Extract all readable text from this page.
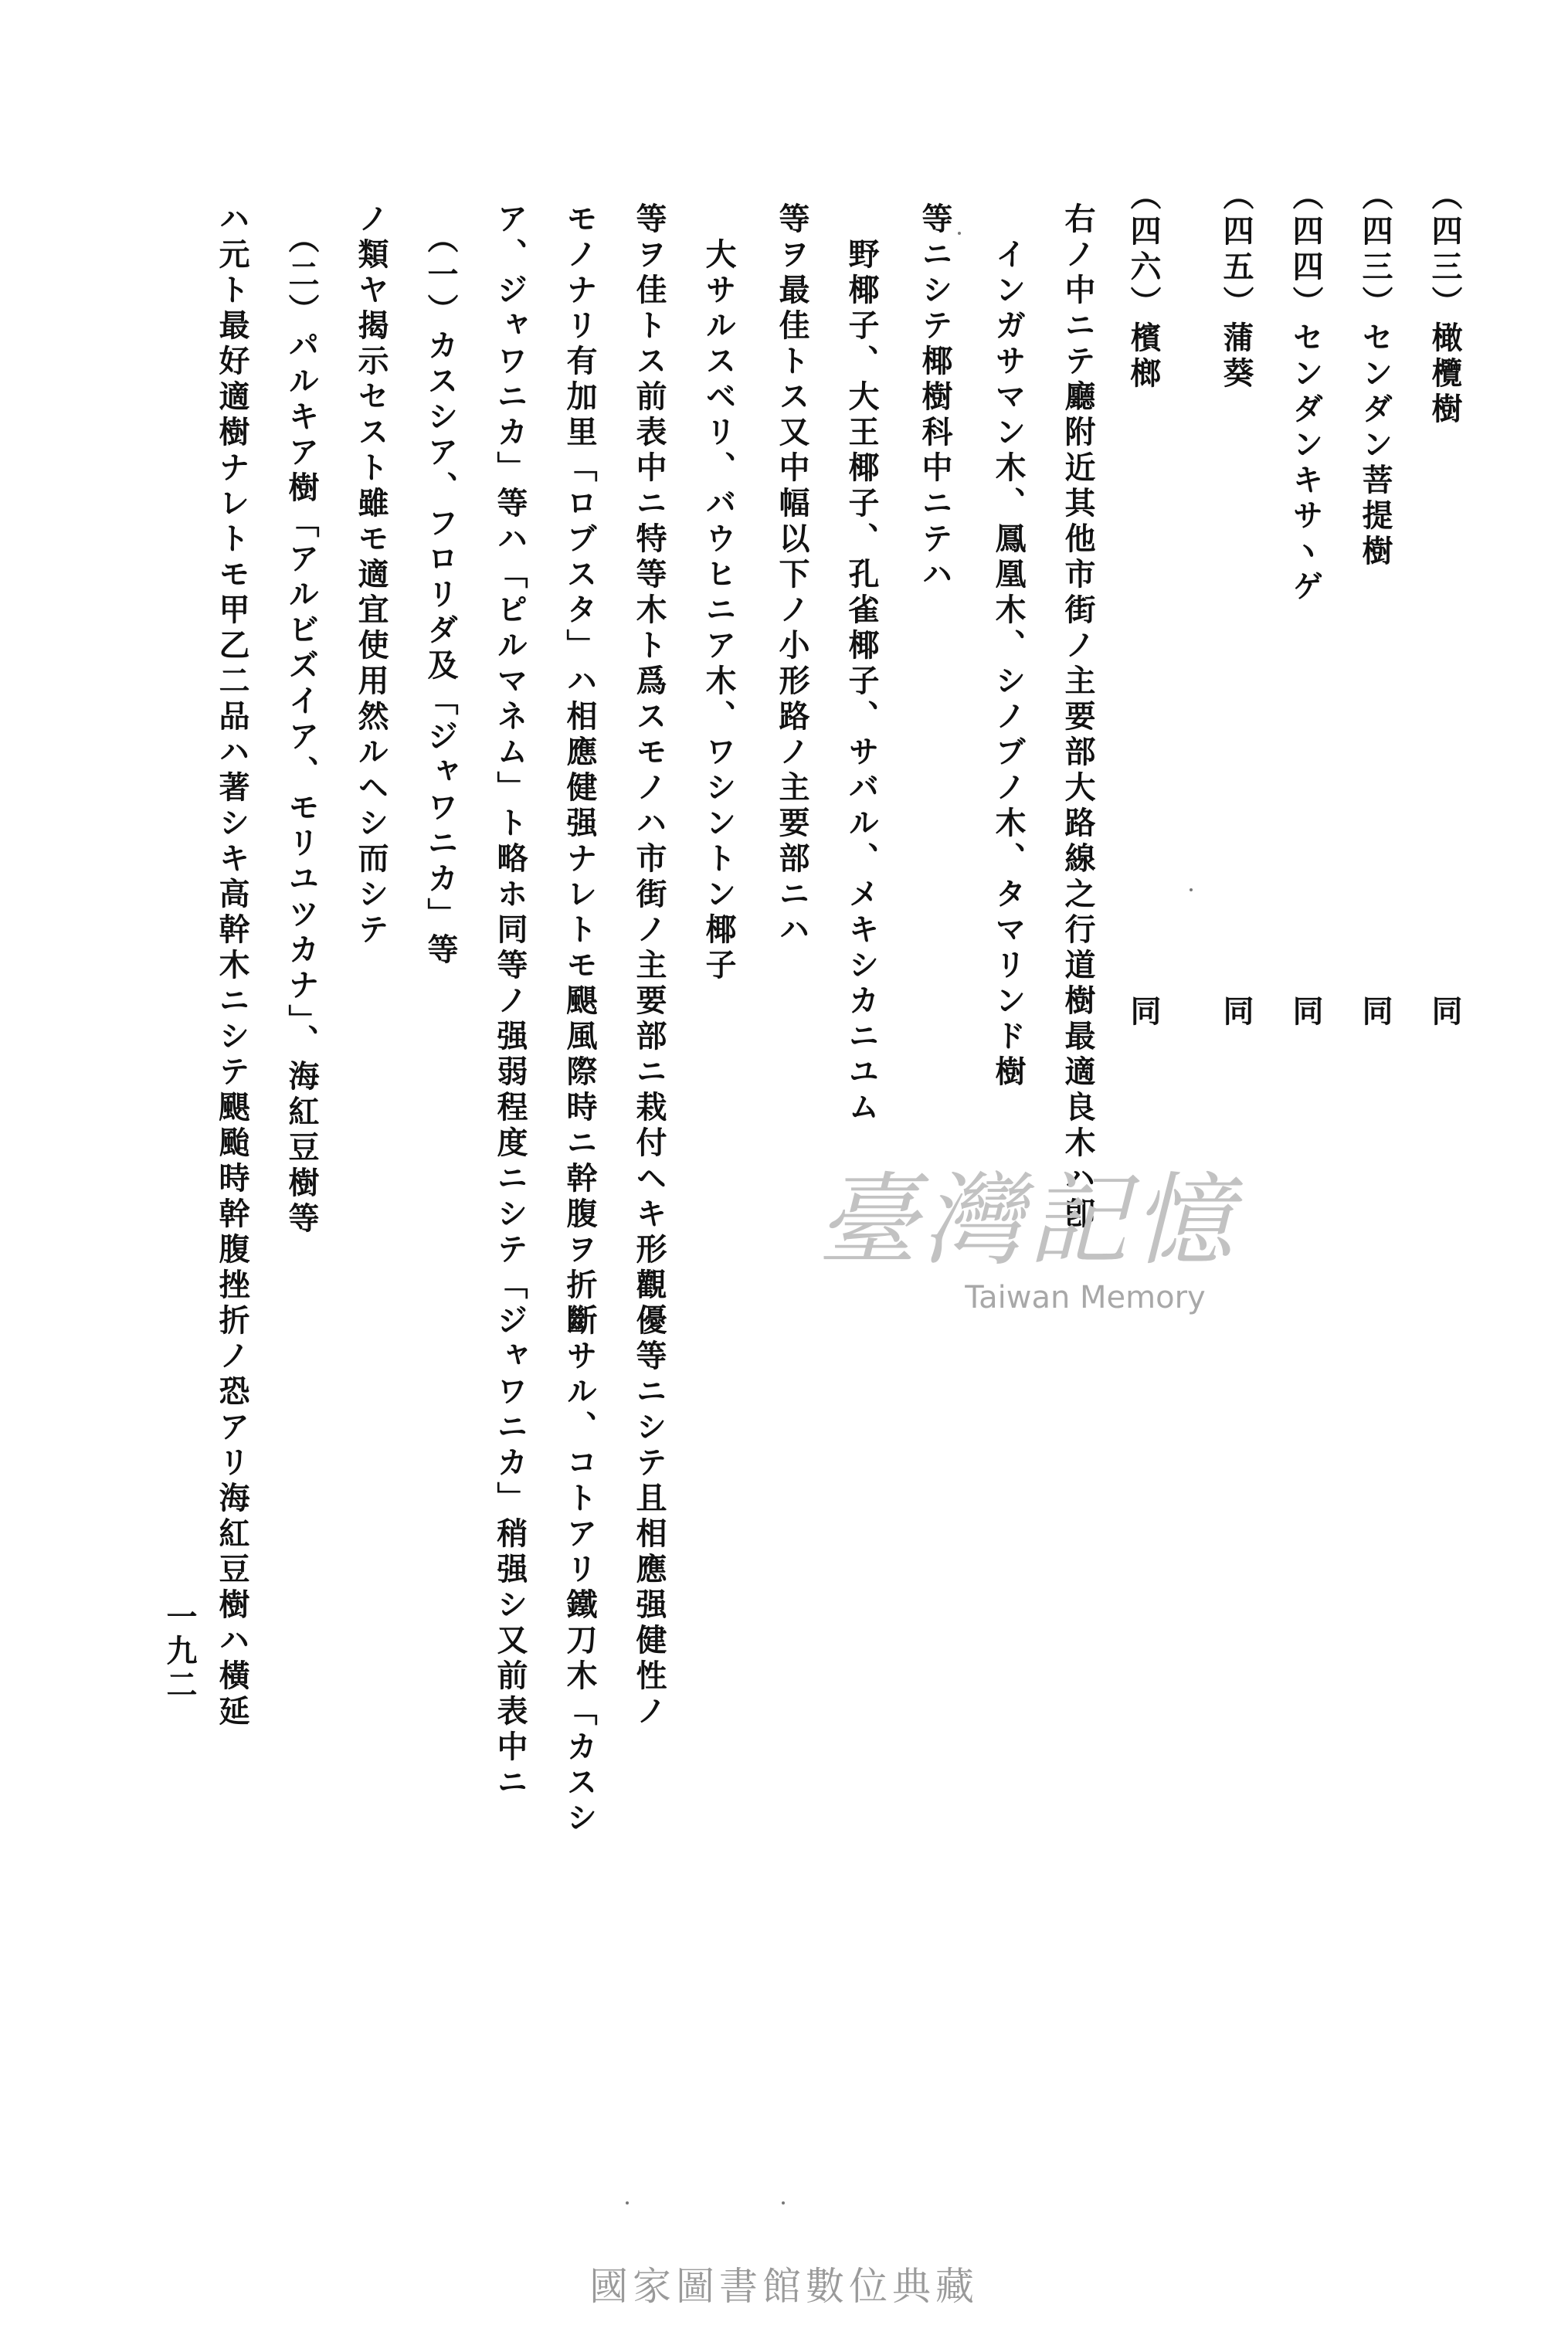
（四三）橄欖樹
同
（四三）センダン菩提樹
同
（四四）センダンキサヽゲ
同
（四五）蒲葵
同
（四六）檳榔
同
右ノ中ニテ廳附近其他市街ノ主要部大路線之行道樹最適良木ハ卽
　インガサマン木、鳳凰木、シノブノ木、タマリンド樹
等ニシテ椰樹科中ニテハ
　野椰子、大王椰子、孔雀椰子、サバル、メキシカニユム
等ヲ最佳トス又中幅以下ノ小形路ノ主要部ニハ
　大サルスベリ、バウヒニア木、ワシントン椰子
等ヲ佳トス前表中ニ特等木ト爲スモノハ市街ノ主要部ニ栽付ヘキ形觀優等ニシテ且相應强健性ノ
モノナリ有加里「ロブスタ」ハ相應健强ナレトモ颶風際時ニ幹腹ヲ折斷サル、コトアリ鐵刀木「カスシ
ア、ジャワニカ」等ハ「ピルマネム」ト略ホ同等ノ强弱程度ニシテ「ジャワニカ」稍强シ又前表中ニ
　（一）カスシア、フロリダ及「ジャワニカ」等
ノ類ヤ揭示セスト雖モ適宜使用然ルヘシ而シテ
　（二）パルキア樹「アルビズイア、モリユツカナ」、海紅豆樹等
ハ元ト最好適樹ナレトモ甲乙二品ハ著シキ高幹木ニシテ颶颱時幹腹挫折ノ恐アリ海紅豆樹ハ橫延
一九二
臺灣記憶
Taiwan Memory
國家圖書館數位典藏
